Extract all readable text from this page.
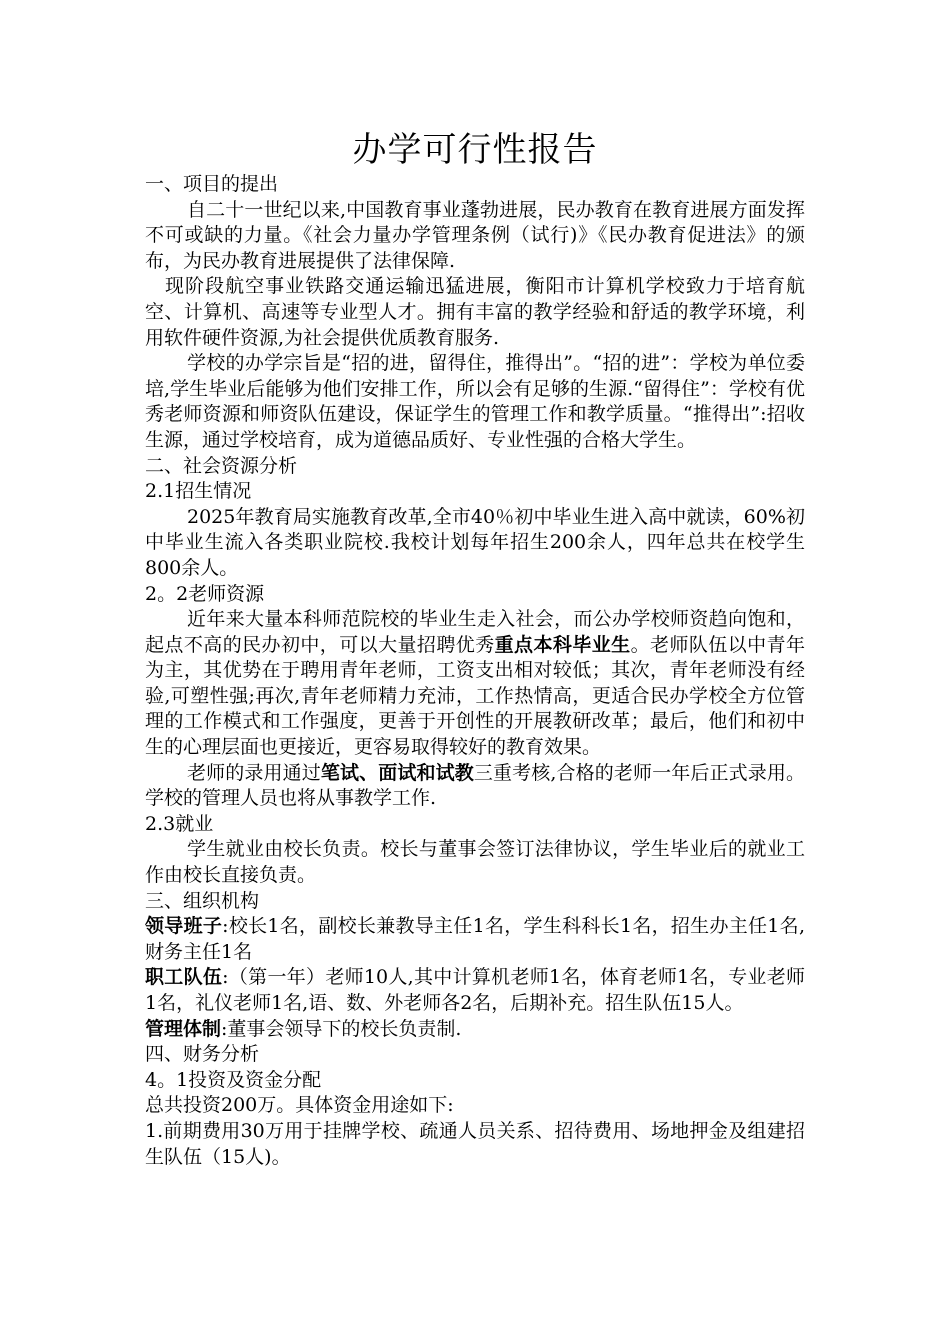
办学可行性报告

一、项目的提出

自二十一世纪以来,中国教育事业蓬勃进展，民办教育在教育进展方面发挥不可或缺的力量。《社会力量办学管理条例（试行)》《民办教育促进法》的颁布，为民办教育进展提供了法律保障.

现阶段航空事业铁路交通运输迅猛进展，衡阳市计算机学校致力于培育航空、计算机、高速等专业型人才。拥有丰富的教学经验和舒适的教学环境，利用软件硬件资源,为社会提供优质教育服务.

学校的办学宗旨是“招的进，留得住，推得出”。“招的进”：学校为单位委培,学生毕业后能够为他们安排工作，所以会有足够的生源.“留得住”：学校有优秀老师资源和师资队伍建设，保证学生的管理工作和教学质量。“推得出”:招收生源，通过学校培育，成为道德品质好、专业性强的合格大学生。

二、社会资源分析

2.1招生情况

2025年教育局实施教育改革,全市40％初中毕业生进入高中就读，60%初中毕业生流入各类职业院校.我校计划每年招生200余人，四年总共在校学生800余人。

2。2老师资源

近年来大量本科师范院校的毕业生走入社会，而公办学校师资趋向饱和，起点不高的民办初中，可以大量招聘优秀重点本科毕业生。老师队伍以中青年为主，其优势在于聘用青年老师，工资支出相对较低；其次，青年老师没有经验,可塑性强;再次,青年老师精力充沛，工作热情高，更适合民办学校全方位管理的工作模式和工作强度，更善于开创性的开展教研改革；最后，他们和初中生的心理层面也更接近，更容易取得较好的教育效果。

老师的录用通过笔试、面试和试教三重考核,合格的老师一年后正式录用。学校的管理人员也将从事教学工作.

2.3就业

学生就业由校长负责。校长与董事会签订法律协议，学生毕业后的就业工作由校长直接负责。

三、组织机构

领导班子:校长1名，副校长兼教导主任1名，学生科科长1名，招生办主任1名,财务主任1名

职工队伍:（第一年）老师10人,其中计算机老师1名，体育老师1名，专业老师1名，礼仪老师1名,语、数、外老师各2名，后期补充。招生队伍15人。

管理体制:董事会领导下的校长负责制.

四、财务分析

4。1投资及资金分配

总共投资200万。具体资金用途如下:

1.前期费用30万用于挂牌学校、疏通人员关系、招待费用、场地押金及组建招生队伍（15人)。
